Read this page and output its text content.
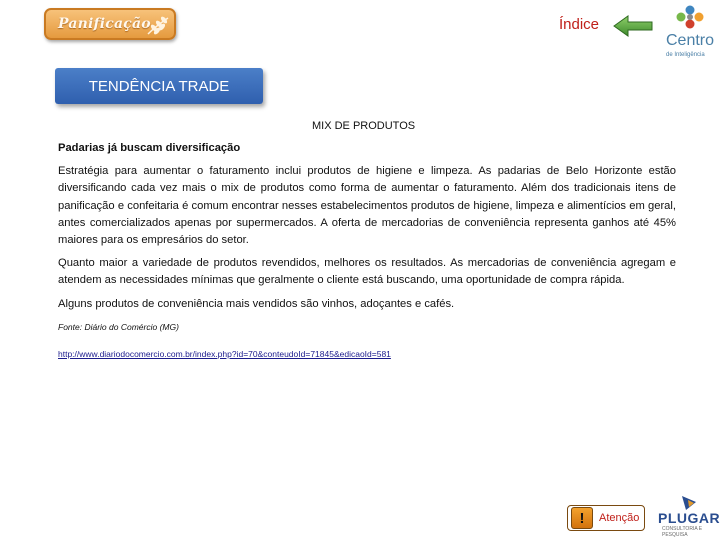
Panificação	Índice
Centro
de Inteligência
TENDÊNCIA TRADE
MIX DE PRODUTOS

Padarias já buscam diversificação

Estratégia para aumentar o faturamento inclui produtos de higiene e limpeza. As padarias de Belo Horizonte estão diversificando cada vez mais o mix de produtos como forma de aumentar o faturamento. Além dos tradicionais itens de panificação e confeitaria é comum encontrar nesses estabelecimentos produtos de higiene, limpeza e alimentícios em geral, antes comercializados apenas por supermercados. A oferta de mercadorias de conveniência representa ganhos até 45% maiores para os empresários do setor.

Quanto maior a variedade de produtos revendidos, melhores os resultados. As mercadorias de conveniência agregam e atendem as necessidades mínimas que geralmente o cliente está buscando, uma oportunidade de compra rápida.

Alguns produtos de conveniência mais vendidos são vinhos, adoçantes e cafés.

Fonte: Diário do Comércio (MG)

http://www.diariodocomercio.com.br/index.php?id=70&conteudoId=71845&edicaoId=581

!	Atenção PLUGAR
CONSULTORIA E PESQUISA
